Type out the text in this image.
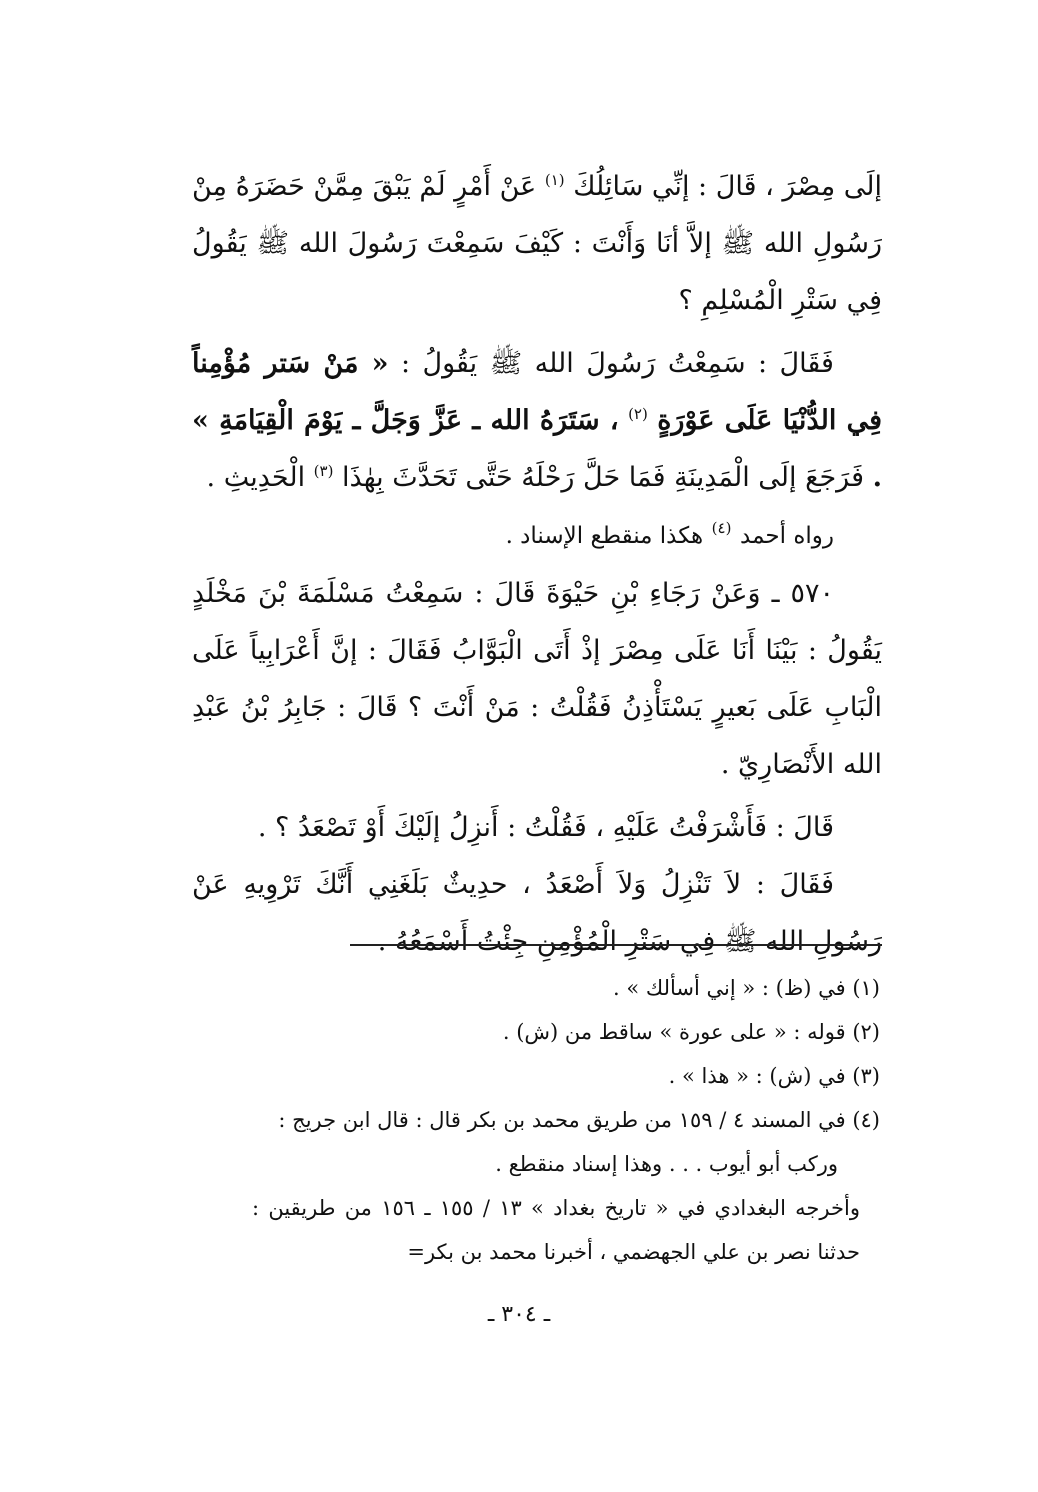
إلَى مِصْرَ ، قَالَ : إنِّي سَائِلُكَ $^{(١)}$ عَنْ أَمْرٍ لَمْ يَبْقَ مِمَّنْ حَضَرَهُ مِنْ رَسُولِ الله ﷺ إلاَّ أنَا وَأَنْتَ : كَيْفَ سَمِعْتَ رَسُولَ الله ﷺ يَقُولُ فِي سَتْرِ الْمُسْلِمِ ؟

فَقَالَ : سَمِعْتُ رَسُولَ الله ﷺ يَقُولُ : « مَنْ سَتر مُؤْمِناً فِي الدُّنْيَا عَلَى عَوْرَةٍ $^{(٢)}$ ، سَتَرَهُ الله ـ عَزَّ وَجَلَّ ـ يَوْمَ الْقِيَامَةِ » . فَرَجَعَ إلَى الْمَدِينَةِ فَمَا حَلَّ رَحْلَهُ حَتَّى تَحَدَّثَ بِهٰذَا $^{(٣)}$ الْحَدِيثِ .

رواه أحمد $^{(٤)}$ هكذا منقطع الإسناد .

٥٧٠ ـ وَعَنْ رَجَاءِ بْنِ حَيْوَةَ قَالَ : سَمِعْتُ مَسْلَمَةَ بْنَ مَخْلَدٍ يَقُولُ : بَيْنَا أَنَا عَلَى مِصْرَ إذْ أَتَى الْبَوَّابُ فَقَالَ : إنَّ أَعْرَابِياً عَلَى الْبَابِ عَلَى بَعيرٍ يَسْتَأْذِنُ فَقُلْتُ : مَنْ أَنْتَ ؟ قَالَ : جَابِرُ بْنُ عَبْدِ الله الأَنْصَارِيّ .

قَالَ : فَأَشْرَفْتُ عَلَيْهِ ، فَقُلْتُ : أَنزِلُ إلَيْكَ أَوْ تَصْعَدُ ؟ .

فَقَالَ : لاَ تَنْزِلُ وَلاَ أَصْعَدُ ، حدِيثٌ بَلَغَنِي أَنَّكَ تَرْوِيهِ عَنْ رَسُولِ الله ﷺ فِي سَتْرِ الْمُؤْمِنِ جِئْتُ أَسْمَعُهُ .

(١) في (ظ) : « إني أسألك » .

(٢) قوله : « على عورة » ساقط من (ش) .

(٣) في (ش) : « هذا » .

(٤) في المسند ٤ / ١٥٩ من طريق محمد بن بكر قال : قال ابن جريج :

وركب أبو أيوب . . . وهذا إسناد منقطع .

وأخرجه البغدادي في « تاريخ بغداد » ١٣ / ١٥٥ ـ ١٥٦ من طريقين : حدثنا نصر بن علي الجهضمي ، أخبرنا محمد بن بكر=

ـ ٣٠٤ ـ
